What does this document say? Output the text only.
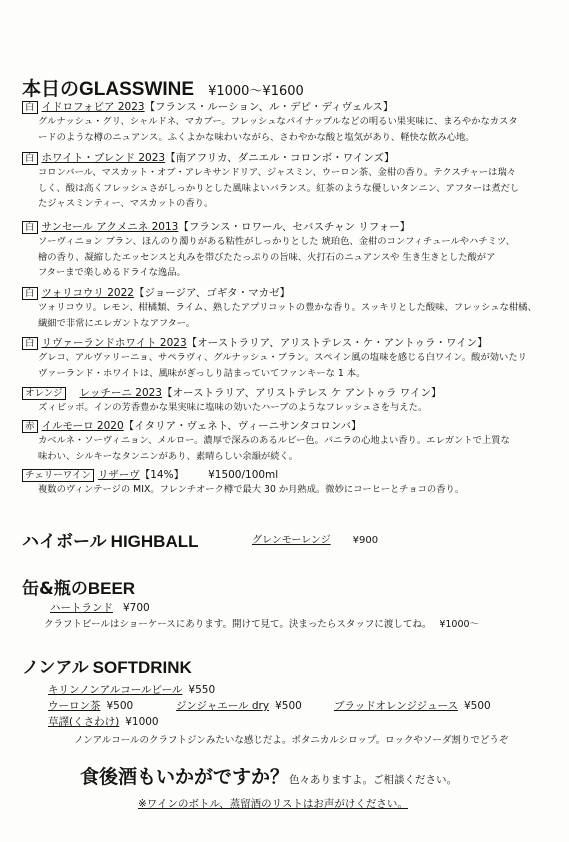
本日のGLASSWINE ¥1000～¥1600
白 イドロフォビア 2023 【フランス・ルーション、ル・デピ・ディヴェルス】
グルナッシュ・グリ、シャルドネ、マカブー。フレッシュなパイナップルなどの明るい果実味に、まろやかなカスタ
ードのような樽のニュアンス。ふくよかな味わいながら、さわやかな酸と塩気があり、軽快な飲み心地。
白 ホワイト・ブレンド 2023 【南アフリカ、ダニエル・コロンボ・ワインズ】
コロンバール、マスカット・オブ・アレキサンドリア、ジャスミン、ウーロン茶、金柑の香り。テクスチャーは瑞々
しく、酸は高くフレッシュさがしっかりとした風味よいバランス。紅茶のような優しいタンニン、アフターは煮だし
たジャスミンティー、マスカットの香り。
白 サンセール アクメニネ 2013 【フランス・ロワール、セバスチャン リフォー】
ソーヴィニョン ブラン、ほんのり濁りがある粘性がしっかりとした 琥珀色、金柑のコンフィチュールやハチミツ、
檜の香り、凝縮したエッセンスと丸みを帯びたたっぷりの旨味、火打石のニュアンスや 生き生きとした酸がア
フターまで楽しめるドライな逸品。
白 ツォリコウリ 2022 【ジョージア、ゴギタ・マカゼ】
ツォリコウリ。レモン、柑橘類、ライム、熟したアプリコットの豊かな香り。スッキリとした酸味、フレッシュな柑橘、
繊細で非常にエレガントなアフター。
白 リヴァーランドホワイト 2023 【オーストラリア、アリストテレス・ケ・アントゥラ・ワイン】
グレコ、アルヴァリーニョ、サペラヴィ、グルナッシュ・ブラン。スペイン風の塩味を感じる白ワイン。酸が効いたリ
ヴァーランド・ホワイトは、風味がぎっしり詰まっていてファンキーな 1 本。
オレンジ レッチーニ 2023 【オーストラリア、アリストテレス ケ アントゥラ ワイン】
ズィビッボ。インの芳香豊かな果実味に塩味の効いたハーブのようなフレッシュさを与えた。
赤 イルモーロ 2020 【イタリア・ヴェネト、ヴィーニサンタコロンバ】
カベルネ・ソーヴィニョン、メルロー。濃厚で深みのあるルビー色。バニラの心地よい香り。エレガントで上質な
味わい、シルキーなタンニンがあり、素晴らしい余韻が続く。
チェリーワイン リザーヴ 【14%】 ¥1500/100ml
複数のヴィンテージの MIX。フレンチオーク樽で最大 30 か月熟成。微妙にコーヒーとチョコの香り。
ハイボール HIGHBALL	グレンモーレンジ ¥900
缶&瓶のBEER
ハートランド ¥700
クラフトビールはショーケースにあります。開けて見て。決まったらスタッフに渡してね。 ¥1000～
ノンアル SOFTDRINK
キリンノンアルコールビール ¥550
ウーロン茶 ¥500	ジンジャエール dry ¥500	ブラッドオレンジジュース ¥500
草譯(くさわけ) ¥1000
ノンアルコールのクラフトジンみたいな感じだよ。ボタニカルシロップ。ロックやソーダ割りでどうぞ
食後酒もいかがですか？色々ありますよ。ご相談ください。
※ワインのボトル、蒸留酒のリストはお声がけください。
